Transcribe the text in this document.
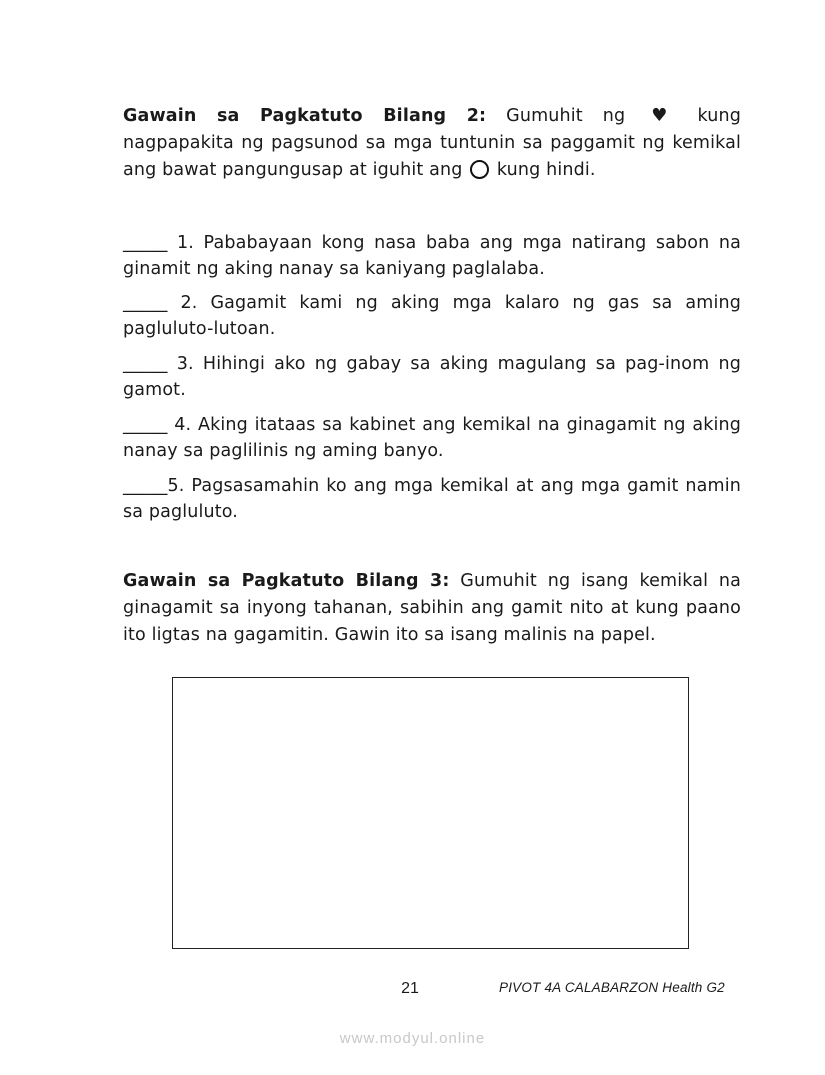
Gawain sa Pagkatuto Bilang 2: Gumuhit ng ♥ kung nagpapakita ng pagsunod sa mga tuntunin sa paggamit ng kemikal ang bawat pangungusap at iguhit ang kung hindi.

_____ 1. Pababayaan kong nasa baba ang mga natirang sabon na ginamit ng aking nanay sa kaniyang paglalaba.

_____ 2. Gagamit kami ng aking mga kalaro ng gas sa aming pagluluto-lutoan.

_____ 3. Hihingi ako ng gabay sa aking magulang sa pag-inom ng gamot.

_____ 4. Aking itataas sa kabinet ang kemikal na ginagamit ng aking nanay sa paglilinis ng aming banyo.

_____5. Pagsasamahin ko ang mga kemikal at ang mga gamit namin sa pagluluto.

Gawain sa Pagkatuto Bilang 3: Gumuhit ng isang kemikal na ginagamit sa inyong tahanan, sabihin ang gamit nito at kung paano ito ligtas na gagamitin. Gawin ito sa isang malinis na papel.

21	PIVOT 4A CALABARZON Health G2
www.modyul.online
